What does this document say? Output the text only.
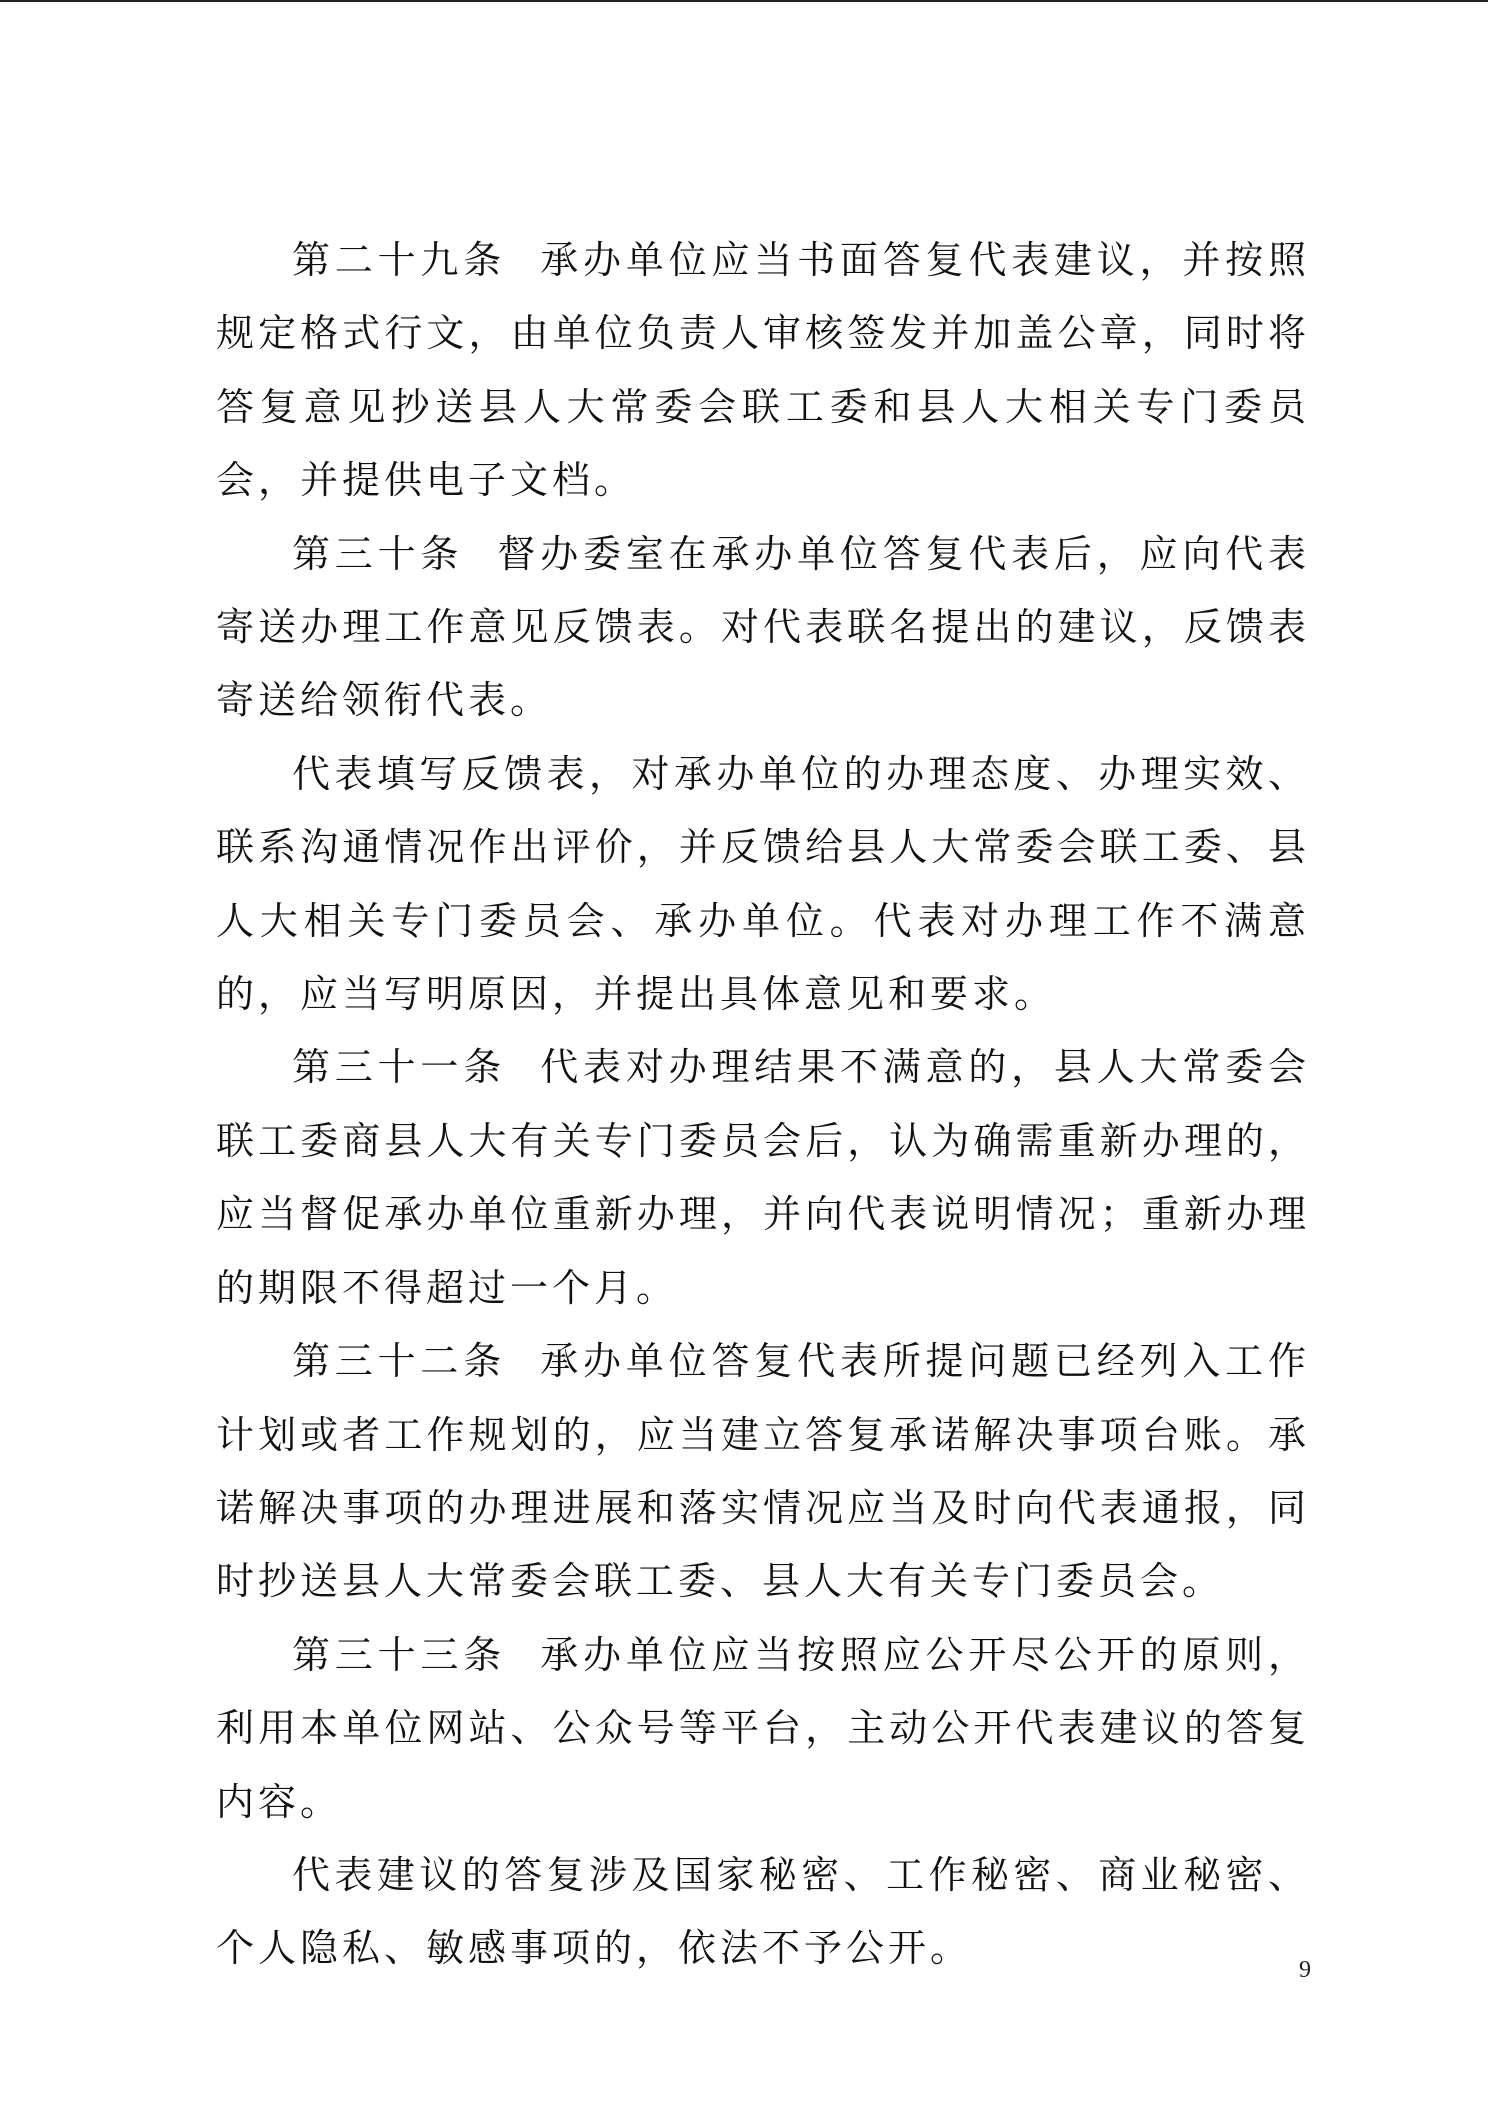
第二十九条 承办单位应当书面答复代表建议，并按照规定格式行文，由单位负责人审核签发并加盖公章，同时将答复意见抄送县人大常委会联工委和县人大相关专门委员会，并提供电子文档。

第三十条 督办委室在承办单位答复代表后，应向代表寄送办理工作意见反馈表。对代表联名提出的建议，反馈表寄送给领衔代表。

代表填写反馈表，对承办单位的办理态度、办理实效、联系沟通情况作出评价，并反馈给县人大常委会联工委、县人大相关专门委员会、承办单位。代表对办理工作不满意的，应当写明原因，并提出具体意见和要求。

第三十一条 代表对办理结果不满意的，县人大常委会联工委商县人大有关专门委员会后，认为确需重新办理的，应当督促承办单位重新办理，并向代表说明情况；重新办理的期限不得超过一个月。

第三十二条 承办单位答复代表所提问题已经列入工作计划或者工作规划的，应当建立答复承诺解决事项台账。承诺解决事项的办理进展和落实情况应当及时向代表通报，同时抄送县人大常委会联工委、县人大有关专门委员会。

第三十三条 承办单位应当按照应公开尽公开的原则，利用本单位网站、公众号等平台，主动公开代表建议的答复内容。

代表建议的答复涉及国家秘密、工作秘密、商业秘密、个人隐私、敏感事项的，依法不予公开。	9
